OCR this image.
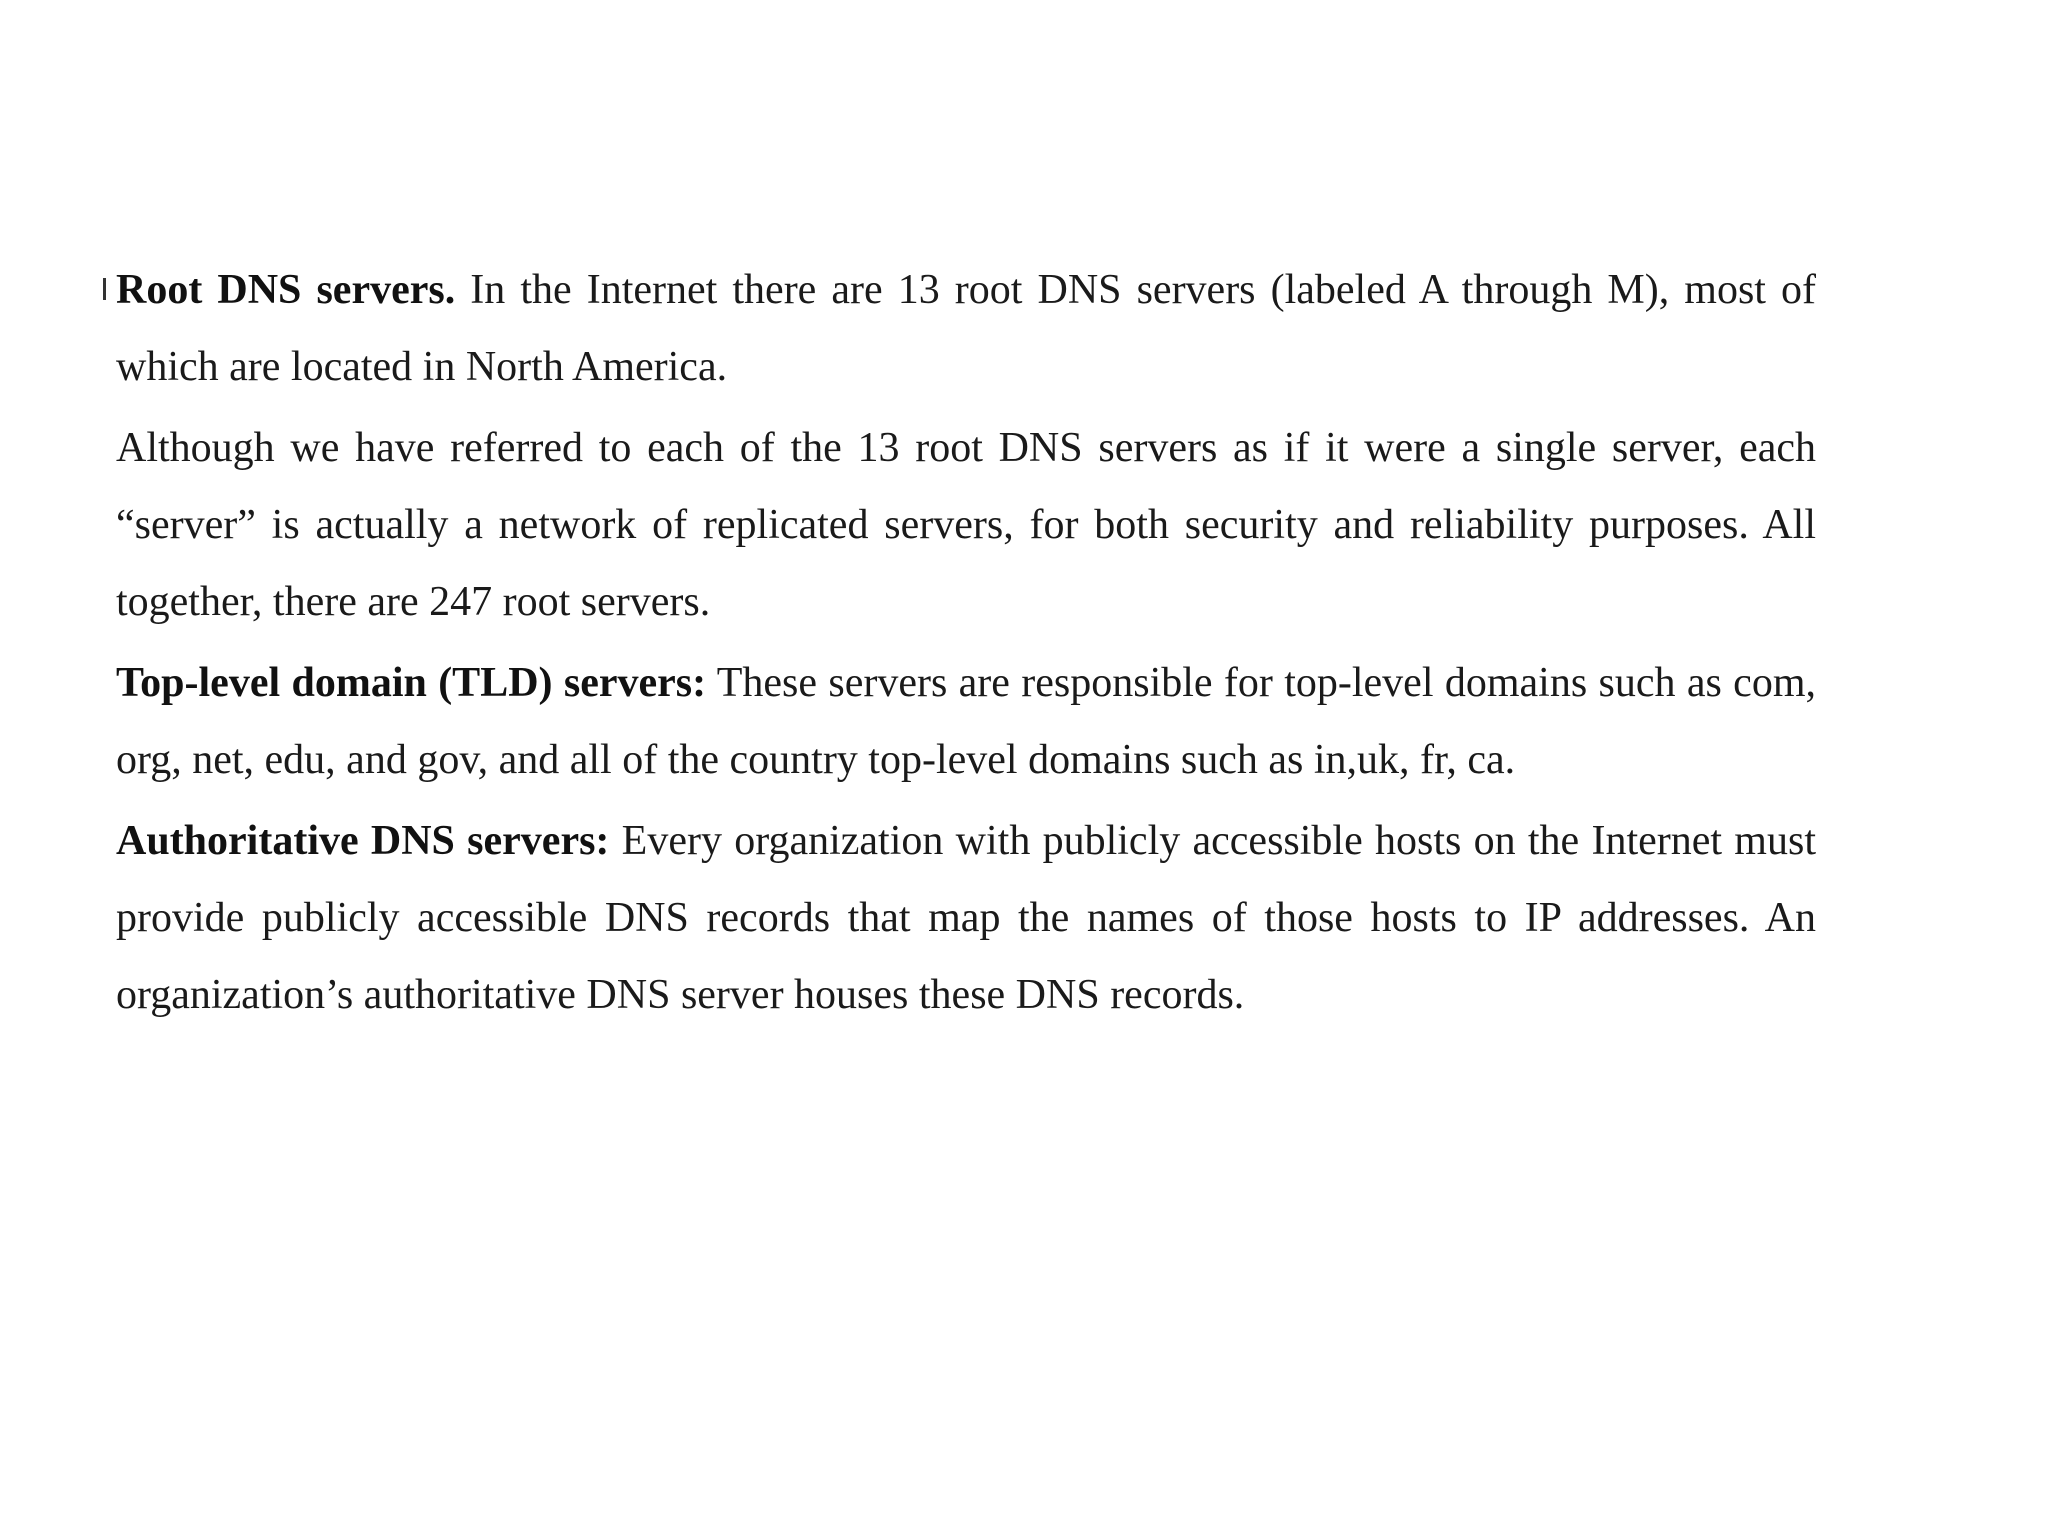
Root DNS servers. In the Internet there are 13 root DNS servers (labeled A through M), most of which are located in North America.

Although we have referred to each of the 13 root DNS servers as if it were a single server, each “server” is actually a network of replicated servers, for both security and reliability purposes. All together, there are 247 root servers.

Top-level domain (TLD) servers: These servers are responsible for top-level domains such as com, org, net, edu, and gov, and all of the country top-level domains such as in,uk, fr, ca.

Authoritative DNS servers: Every organization with publicly accessible hosts on the Internet must provide publicly accessible DNS records that map the names of those hosts to IP addresses. An organization’s authoritative DNS server houses these DNS records.
